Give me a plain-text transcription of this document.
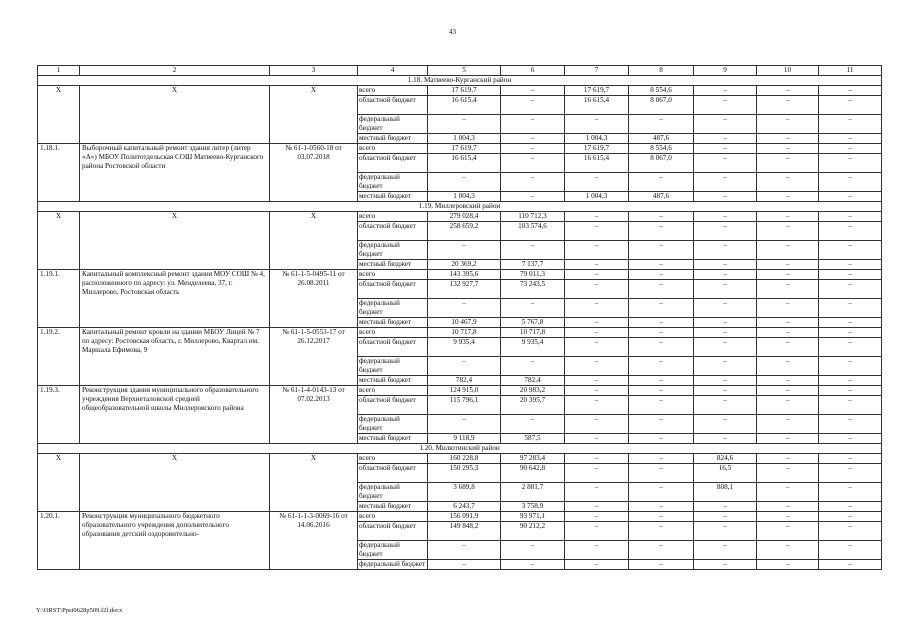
43
1	2	3	4	5	6	7	8	9	10	11
1.18. Матвеево-Курганский район										
Х	Х	Х	всего	17 619,7	–	17 619,7	8 554,6	–	–	–
			областной бюджет	16 615,4	–	16 615,4	8 067,0	–	–	–
			федеральный бюджет	–	–	–	–	–	–	–
			местный бюджет	1 004,3	–	1 004,3	487,6	–	–	–
1.18.1.	Выборочный капитальный ремонт здания литер (литер «А») МБОУ Политотдельская СОШ Матвеево-Курганского района Ростовской области	№ 61-1-0560-18 от 03.07.2018	всего	17 619,7	–	17 619,7	8 554,6	–	–	–
			областной бюджет	16 615,4	–	16 615,4	8 067,0	–	–	–
			федеральный бюджет	–	–	–	–	–	–	–
			местный бюджет	1 004,3	–	1 004,3	487,6	–	–	–
1.19. Миллеровский район										
Х	Х	Х	всего	279 028,4	110 712,3	–	–	–	–	–
			областной бюджет	258 659,2	103 574,6	–	–	–	–	–
			федеральный бюджет	–	–	–	–	–	–	–
			местный бюджет	20 369,2	7 137,7	–	–	–	–	–
1.19.1.	Капитальный комплексный ремонт здания МОУ СОШ № 4, расположенного по адресу: ул. Менделеева, 37, г. Миллерово, Ростовская область	№ 61-1-5-0495-11 от 26.08.2011	всего	143 395,6	79 011,3	–	–	–	–	–
			областной бюджет	132 927,7	73 243,5	–	–	–	–	–
			федеральный бюджет	–	–	–	–	–	–	–
			местный бюджет	10 467,9	5 767,8	–	–	–	–	–
1.19.2.	Капитальный ремонт кровли на здании МБОУ Лицей № 7 по адресу: Ростовская область, г. Миллерово, Квартал им. Маршала Ефимова, 9	№ 61-1-5-0553-17 от 26.12.2017	всего	10 717,8	10 717,8	–	–	–	–	–
			областной бюджет	9 935,4	9 935,4	–	–	–	–	–
			федеральный бюджет	–	–	–	–	–	–	–
			местный бюджет	782,4	782,4	–	–	–	–	–
1.19.3.	Реконструкция здания муниципального образовательного учреждения Верхнеталовской средней общеобразовательной школы Миллеровского района	№ 61-1-4-0143-13 от 07.02.2013	всего	124 915,0	20 983,2	–	–	–	–	–
			областной бюджет	115 796,1	20 395,7	–	–	–	–	–
			федеральный бюджет	–	–	–	–	–	–	–
			местный бюджет	9 118,9	587,5	–	–	–	–	–
1.20. Милютинский район										
Х	Х	Х	всего	160 228,8	97 283,4	–	–	824,6	–	–
			областной бюджет	150 295,3	90 642,8	–	–	16,5	–	–
			федеральный бюджет	3 689,8	2 881,7	–	–	808,1	–	–
			местный бюджет	6 243,7	3 758,9	–	–	–	–	–
1.20.1.	Реконструкция муниципального бюджетного образовательного учреждения дополнительного образования детский оздоровительно-	№ 61-1-1-3-0069-16 от 14.06.2016	всего	156 091,9	93 971,1	–	–	–	–	–
			областной бюджет	149 848,2	90 212,2	–	–	–	–	–
			федеральный бюджет	–	–	–	–	–	–	–
			федеральный бюджет	–	–	–	–	–	–	–
Y:\ORST\Ppsi0628p509.f2l.docx
